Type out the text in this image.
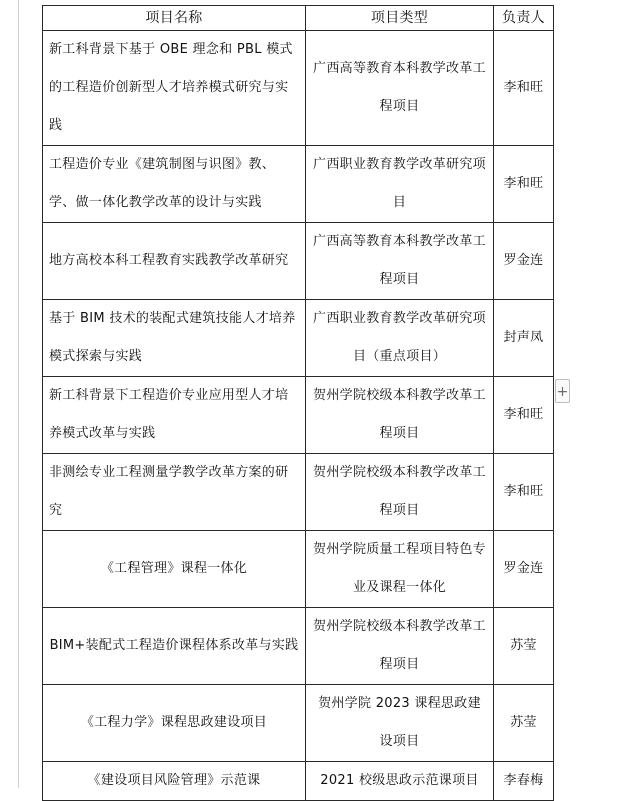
项目名称	项目类型	负责人
新工科背景下基于 OBE 理念和 PBL 模式的工程造价创新型人才培养模式研究与实践	广西高等教育本科教学改革工程项目	李和旺
工程造价专业《建筑制图与识图》教、学、做一体化教学改革的设计与实践	广西职业教育教学改革研究项目	李和旺
地方高校本科工程教育实践教学改革研究	广西高等教育本科教学改革工程项目	罗金连
基于 BIM 技术的装配式建筑技能人才培养模式探索与实践	广西职业教育教学改革研究项目（重点项目）	封声凤
新工科背景下工程造价专业应用型人才培养模式改革与实践	贺州学院校级本科教学改革工程项目	李和旺
非测绘专业工程测量学教学改革方案的研究	贺州学院校级本科教学改革工程项目	李和旺
《工程管理》课程一体化	贺州学院质量工程项目特色专业及课程一体化	罗金连
BIM+装配式工程造价课程体系改革与实践	贺州学院校级本科教学改革工程项目	苏莹
《工程力学》课程思政建设项目	贺州学院 2023 课程思政建设项目	苏莹
《建设项目风险管理》示范课	2021 校级思政示范课项目	李春梅
+
